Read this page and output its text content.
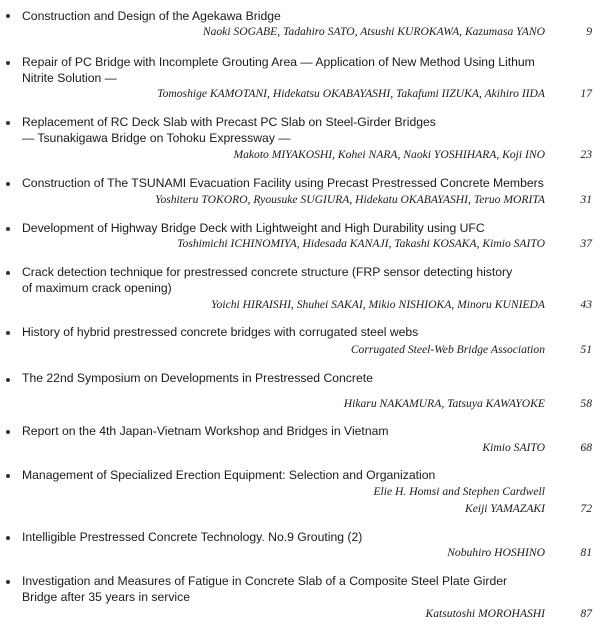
Construction and Design of the Agekawa Bridge
Naoki SOGABE, Tadahiro SATO, Atsushi KUROKAWA, Kazumasa YANO	9
Repair of PC Bridge with Incomplete Grouting Area — Application of New Method Using Lithum
Nitrite Solution —
Tomoshige KAMOTANI, Hidekatsu OKABAYASHI, Takafumi IIZUKA, Akihiro IIDA	17
Replacement of RC Deck Slab with Precast PC Slab on Steel-Girder Bridges
— Tsunakigawa Bridge on Tohoku Expressway —
Makoto MIYAKOSHI, Kohei NARA, Naoki YOSHIHARA, Koji INO	23
Construction of The TSUNAMI Evacuation Facility using Precast Prestressed Concrete Members
Yoshiteru TOKORO, Ryousuke SUGIURA, Hidekatu OKABAYASHI, Teruo MORITA	31
Development of Highway Bridge Deck with Lightweight and High Durability using UFC
Toshimichi ICHINOMIYA, Hidesada KANAJI, Takashi KOSAKA, Kimio SAITO	37
Crack detection technique for prestressed concrete structure (FRP sensor detecting history
of maximum crack opening)
Yoichi HIRAISHI, Shuhei SAKAI, Mikio NISHIOKA, Minoru KUNIEDA	43
History of hybrid prestressed concrete bridges with corrugated steel webs
Corrugated Steel-Web Bridge Association	51
The 22nd Symposium on Developments in Prestressed Concrete
Hikaru NAKAMURA, Tatsuya KAWAYOKE	58
Report on the 4th Japan-Vietnam Workshop and Bridges in Vietnam
Kimio SAITO	68
Management of Specialized Erection Equipment: Selection and Organization
Elie H. Homsi and Stephen Cardwell
Keiji YAMAZAKI	72
Intelligible Prestressed Concrete Technology. No.9 Grouting (2)
Nobuhiro HOSHINO	81
Investigation and Measures of Fatigue in Concrete Slab of a Composite Steel Plate Girder
Bridge after 35 years in service
Katsutoshi MOROHASHI	87
